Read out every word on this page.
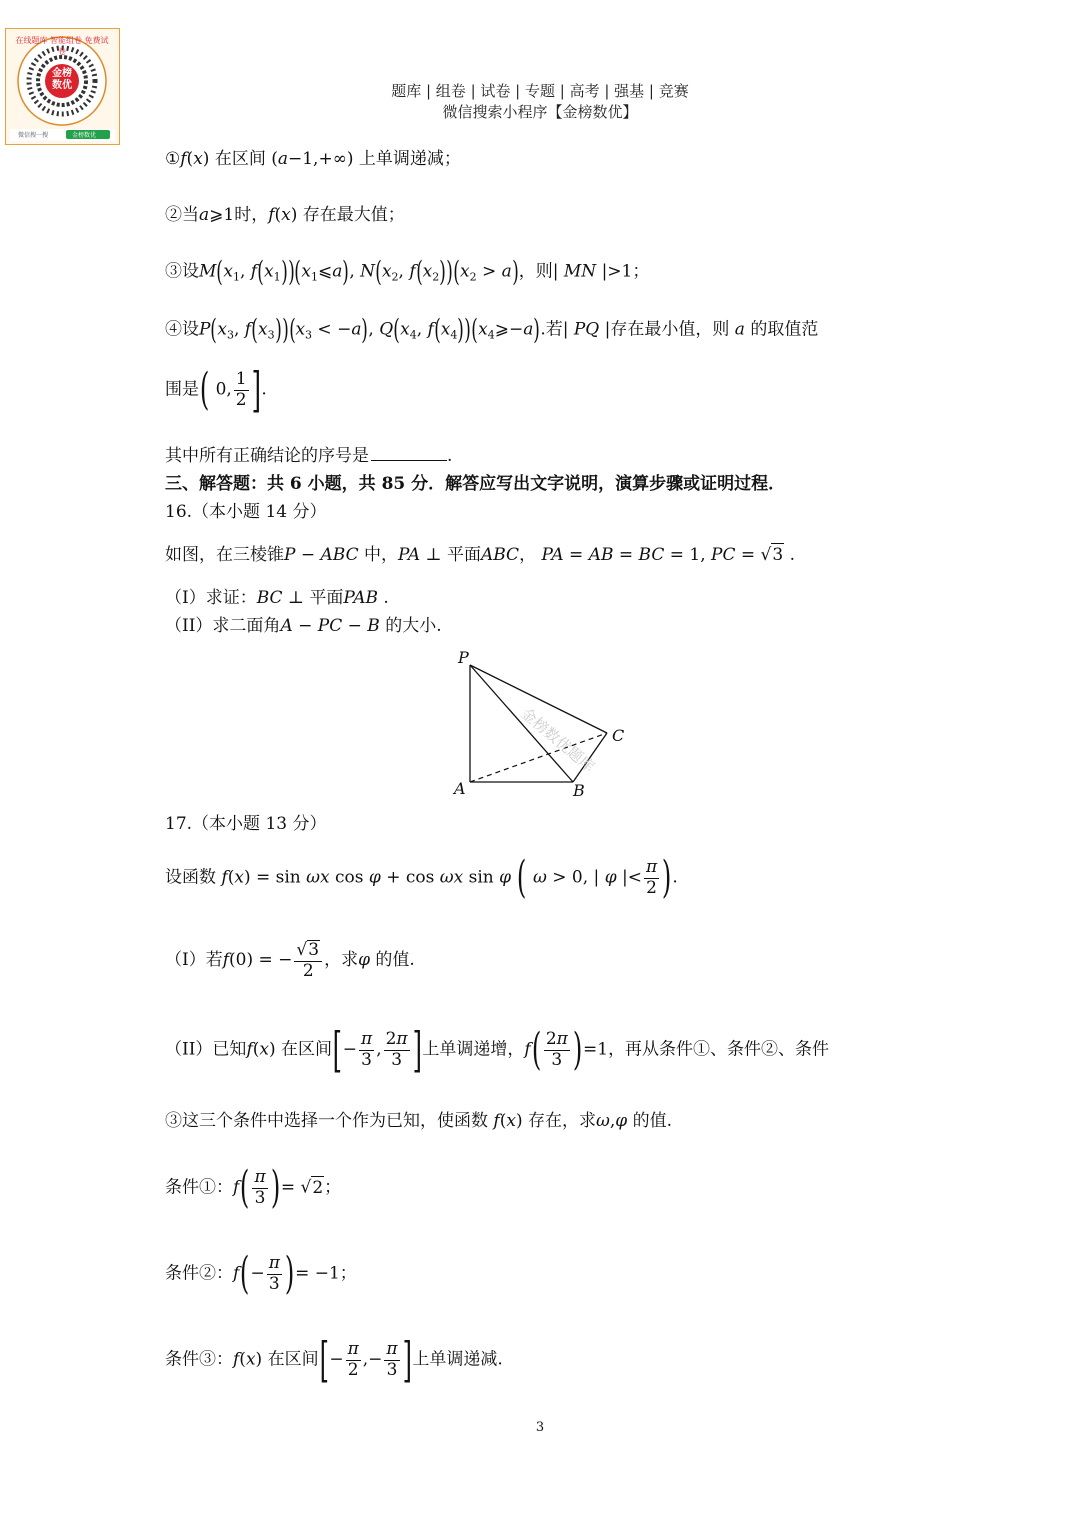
在线题库 智能组卷 免费试卷
金榜
数优
微信搜一搜	金榜数优
题库 | 组卷 | 试卷 | 专题 | 高考 | 强基 | 竞赛
微信搜索小程序【金榜数优】
①f(x) 在区间 (a−1,+∞) 上单调递减；
②当a⩾1时，f(x) 存在最大值；
③设$M(x_1$, $f(x_1))(x_1⩽a)$, $N(x_2$, $f(x_2))(x_2 > a)$，则| MN |>1；
④设$P(x_3$, $f(x_3))(x_3 < -a)$, $Q(x_4$, $f(x_4))(x_4⩾-a)$.若| PQ |存在最小值，则 a 的取值范
围是( 0, $\frac{1}{2}$ ].
其中所有正确结论的序号是	.
三、解答题：共 6 小题，共 85 分．解答应写出文字说明，演算步骤或证明过程．
16.（本小题 14 分）
如图，在三棱锥P − ABC 中，PA ⊥ 平面ABC， PA = AB = BC = 1, PC = √3 .
（I）求证：BC ⊥ 平面PAB .
（II）求二面角A − PC − B 的大小.
金榜数优题库
P
A	B
C
17.（本小题 13 分）
设函数 f(x) = sin ωx cos φ + cos ωx sin φ ( ω > 0, | φ |< $\frac{\pi}{2}$ ).
（I）若f(0) = − $\frac{√3}{2}$ ，求φ 的值.
（II）已知f(x) 在区间[− $\frac{\pi}{3}$ , $\frac{2\pi}{3}$ ]上单调递增，$f( \frac{2\pi}{3} )=1$，再从条件①、条件②、条件
③这三个条件中选择一个作为已知，使函数 f(x) 存在，求ω,φ 的值.
条件①：$f( \frac{\pi}{3}$ )= √2；
条件②：$f(- \frac{\pi}{3}$ )= −1；
条件③：f(x) 在区间[− $\frac{\pi}{2}$ ,− $\frac{\pi}{3}$ ]上单调递减.
3
